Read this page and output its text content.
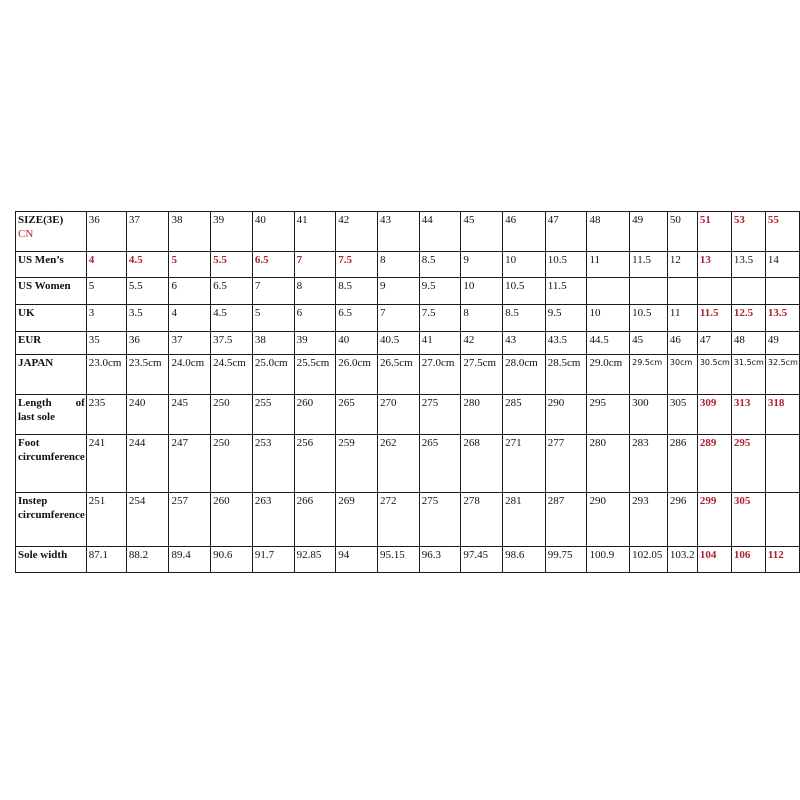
SIZE(3E)
CN	36	37	38	39	40	41	42	43	44	45	46	47	48	49	50	51	53	55
US Men’s	4	4.5	5	5.5	6.5	7	7.5	8	8.5	9	10	10.5	11	11.5	12	13	13.5	14
US Women	5	5.5	6	6.5	7	8	8.5	9	9.5	10	10.5	11.5						
UK	3	3.5	4	4.5	5	6	6.5	7	7.5	8	8.5	9.5	10	10.5	11	11.5	12.5	13.5
EUR	35	36	37	37.5	38	39	40	40.5	41	42	43	43.5	44.5	45	46	47	48	49
JAPAN	23.0cm	23.5cm	24.0cm	24.5cm	25.0cm	25.5cm	26.0cm	26.5cm	27.0cm	27.5cm	28.0cm	28.5cm	29.0cm	29.5cm	30cm	30.5cm	31.5cm	32.5cm

Length of
last sole	235	240	245	250	255	260	265	270	275	280	285	290	295	300	305	309	313	318
Foot circumference	241	244	247	250	253	256	259	262	265	268	271	277	280	283	286	289	295	
Instep circumference	251	254	257	260	263	266	269	272	275	278	281	287	290	293	296	299	305	
Sole width	87.1	88.2	89.4	90.6	91.7	92.85	94	95.15	96.3	97.45	98.6	99.75	100.9	102.05	103.2	104	106	112
